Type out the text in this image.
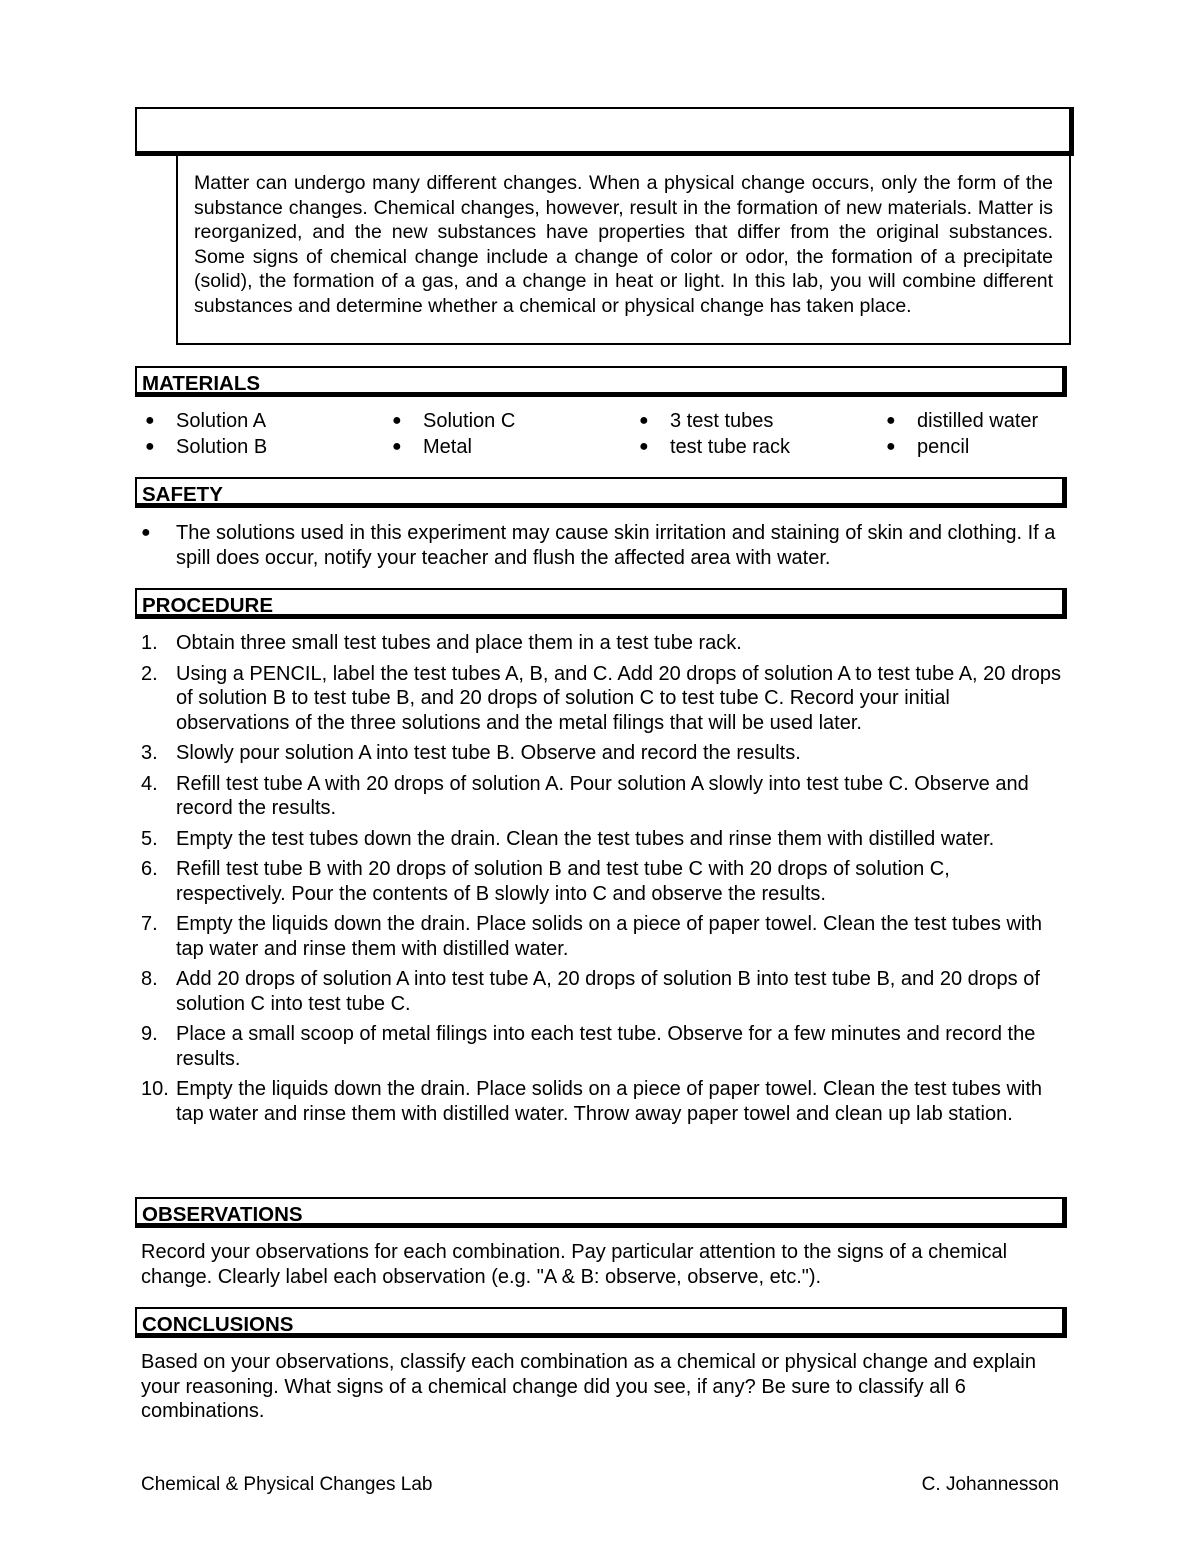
Matter can undergo many different changes. When a physical change occurs, only the form of the substance changes. Chemical changes, however, result in the formation of new materials. Matter is reorganized, and the new substances have properties that differ from the original substances. Some signs of chemical change include a change of color or odor, the formation of a precipitate (solid), the formation of a gas, and a change in heat or light. In this lab, you will combine different substances and determine whether a chemical or physical change has taken place.
MATERIALS
● Solution A
● Solution B
● Solution C
● Metal
● 3 test tubes
● test tube rack
● distilled water
● pencil
SAFETY
● The solutions used in this experiment may cause skin irritation and staining of skin and clothing. If a spill does occur, notify your teacher and flush the affected area with water.
PROCEDURE
1. Obtain three small test tubes and place them in a test tube rack.
2. Using a PENCIL, label the test tubes A, B, and C. Add 20 drops of solution A to test tube A, 20 drops of solution B to test tube B, and 20 drops of solution C to test tube C. Record your initial observations of the three solutions and the metal filings that will be used later.
3. Slowly pour solution A into test tube B. Observe and record the results.
4. Refill test tube A with 20 drops of solution A. Pour solution A slowly into test tube C. Observe and record the results.
5. Empty the test tubes down the drain. Clean the test tubes and rinse them with distilled water.
6. Refill test tube B with 20 drops of solution B and test tube C with 20 drops of solution C, respectively. Pour the contents of B slowly into C and observe the results.
7. Empty the liquids down the drain. Place solids on a piece of paper towel. Clean the test tubes with tap water and rinse them with distilled water.
8. Add 20 drops of solution A into test tube A, 20 drops of solution B into test tube B, and 20 drops of solution C into test tube C.
9. Place a small scoop of metal filings into each test tube. Observe for a few minutes and record the results.
10. Empty the liquids down the drain. Place solids on a piece of paper towel. Clean the test tubes with tap water and rinse them with distilled water. Throw away paper towel and clean up lab station.
OBSERVATIONS
Record your observations for each combination. Pay particular attention to the signs of a chemical change. Clearly label each observation (e.g. "A & B: observe, observe, etc.").
CONCLUSIONS
Based on your observations, classify each combination as a chemical or physical change and explain your reasoning. What signs of a chemical change did you see, if any? Be sure to classify all 6 combinations.
Chemical & Physical Changes Lab	C. Johannesson
